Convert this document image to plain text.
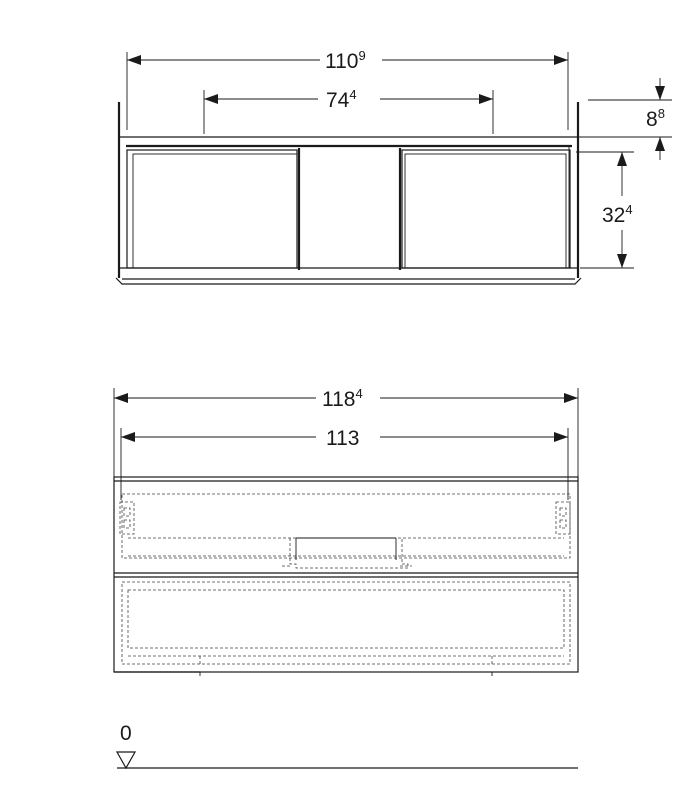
$110^9$
$74^4$
$8^8$
$32^4$
$118^4$
113
0
